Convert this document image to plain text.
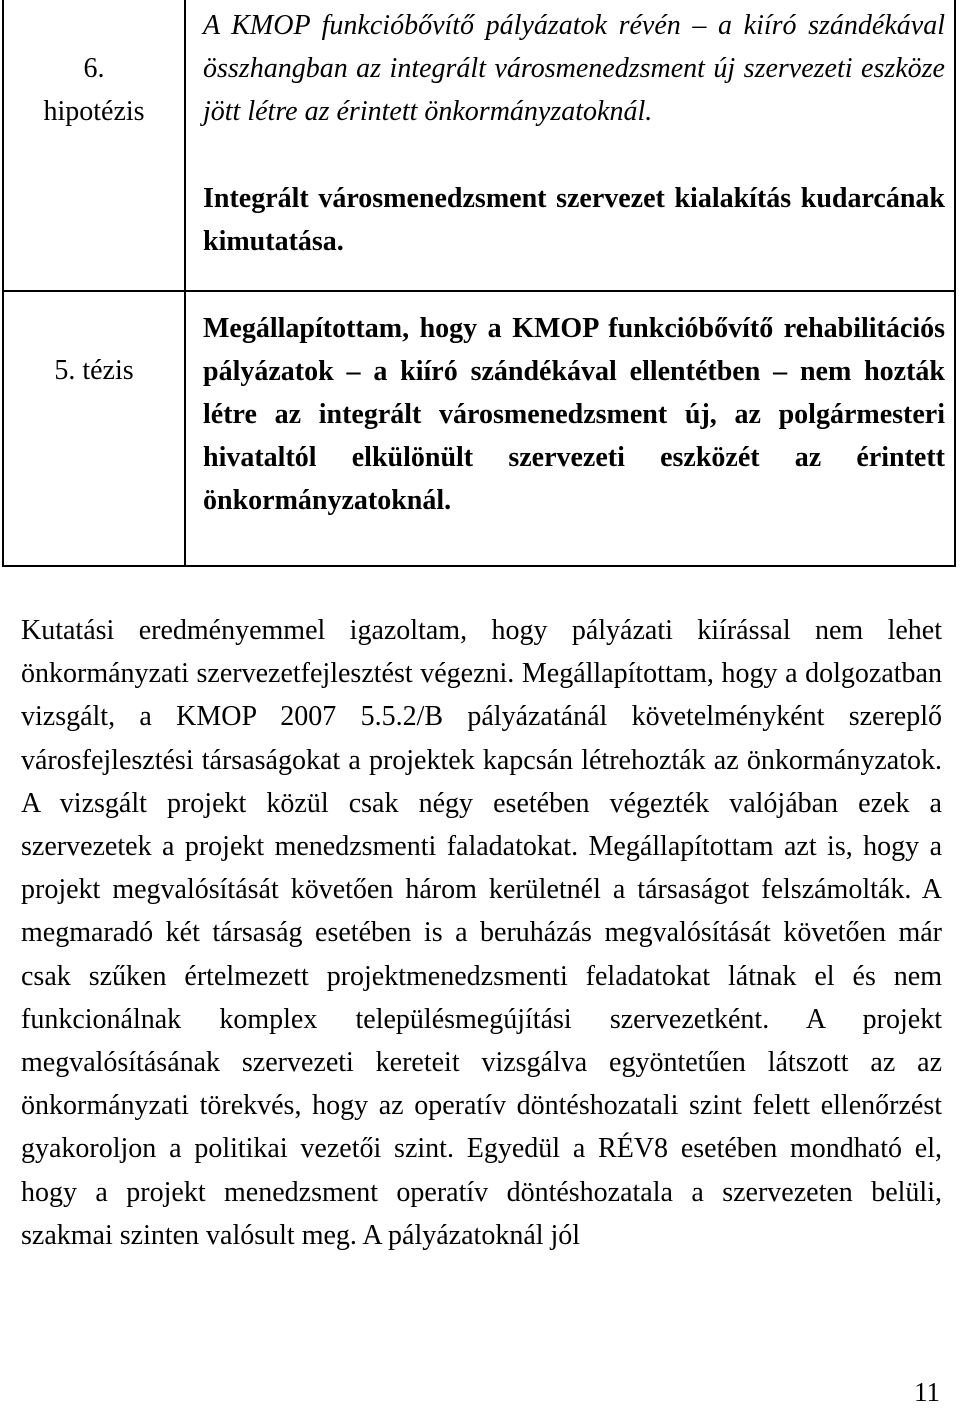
6.
hipotézis
A KMOP funkcióbővítő pályázatok révén – a kiíró szándékával összhangban az integrált városmenedzsment új szervezeti eszköze jött létre az érintett önkormányzatoknál.
Integrált városmenedzsment szervezet kialakítás kudarcának kimutatása.
5. tézis
Megállapítottam, hogy a KMOP funkcióbővítő rehabilitációs pályázatok – a kiíró szándékával ellentétben – nem hozták létre az integrált városmenedzsment új, az polgármesteri hivataltól elkülönült szervezeti eszközét az érintett önkormányzatoknál.

Kutatási eredményemmel igazoltam, hogy pályázati kiírással nem lehet önkormányzati szervezetfejlesztést végezni. Megállapítottam, hogy a dolgozatban vizsgált, a KMOP 2007 5.5.2/B pályázatánál követelményként szereplő városfejlesztési társaságokat a projektek kapcsán létrehozták az önkormányzatok. A vizsgált projekt közül csak négy esetében végezték valójában ezek a szervezetek a projekt menedzsmenti faladatokat. Megállapítottam azt is, hogy a projekt megvalósítását követően három kerületnél a társaságot felszámolták. A megmaradó két társaság esetében is a beruházás megvalósítását követően már csak szűken értelmezett projektmenedzsmenti feladatokat látnak el és nem funkcionálnak komplex településmegújítási szervezetként. A projekt megvalósításának szervezeti kereteit vizsgálva egyöntetűen látszott az az önkormányzati törekvés, hogy az operatív döntéshozatali szint felett ellenőrzést gyakoroljon a politikai vezetői szint. Egyedül a RÉV8 esetében mondható el, hogy a projekt menedzsment operatív döntéshozatala a szervezeten belüli, szakmai szinten valósult meg. A pályázatoknál jól

11
